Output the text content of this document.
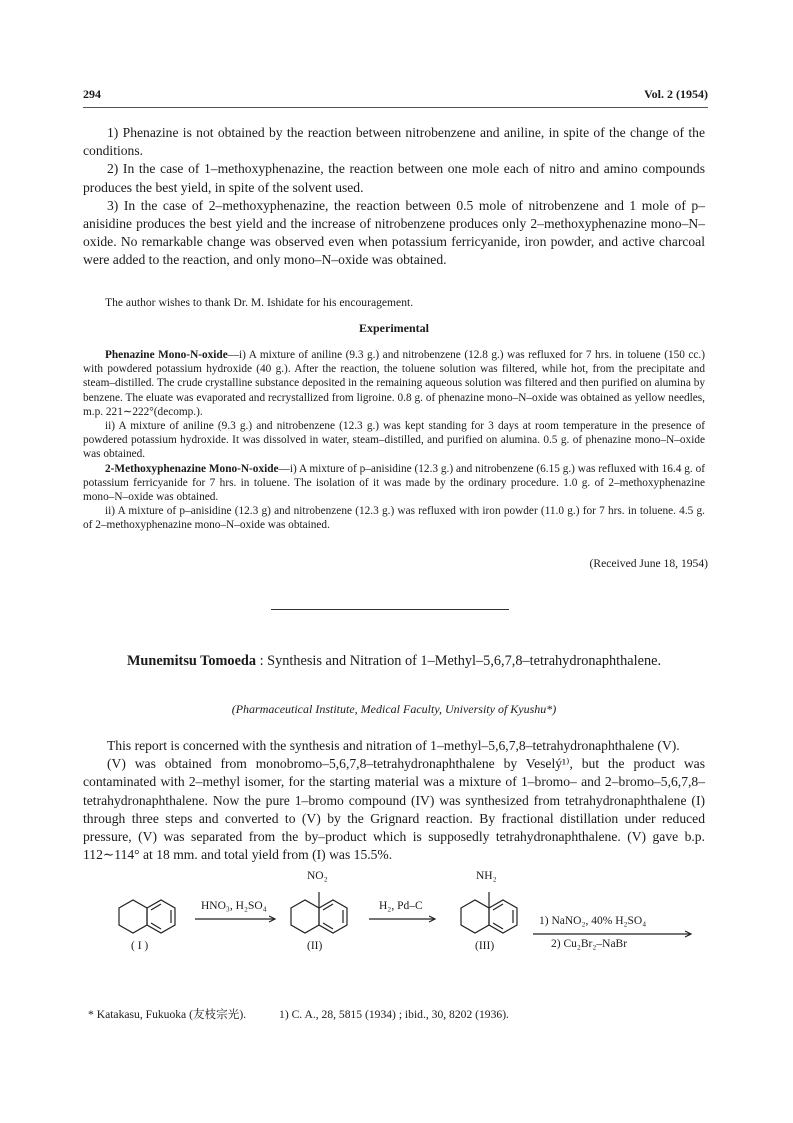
294	Vol. 2 (1954)

1) Phenazine is not obtained by the reaction between nitrobenzene and aniline, in spite of the change of the conditions.

2) In the case of 1–methoxyphenazine, the reaction between one mole each of nitro and amino compounds produces the best yield, in spite of the solvent used.

3) In the case of 2–methoxyphenazine, the reaction between 0.5 mole of nitrobenzene and 1 mole of p–anisidine produces the best yield and the increase of nitrobenzene produces only 2–methoxyphenazine mono–N–oxide. No remarkable change was observed even when potassium ferricyanide, iron powder, and active charcoal were added to the reaction, and only mono–N–oxide was obtained.

The author wishes to thank Dr. M. Ishidate for his encouragement.
Experimental

Phenazine Mono-N-oxide—i) A mixture of aniline (9.3 g.) and nitrobenzene (12.8 g.) was refluxed for 7 hrs. in toluene (150 cc.) with powdered potassium hydroxide (40 g.). After the reaction, the toluene solution was filtered, while hot, from the precipitate and steam–distilled. The crude crystalline substance deposited in the remaining aqueous solution was filtered and then purified on alumina by benzene. The eluate was evaporated and recrystallized from ligroine. 0.8 g. of phenazine mono–N–oxide was obtained as yellow needles, m.p. 221∼222°(decomp.).

ii) A mixture of aniline (9.3 g.) and nitrobenzene (12.3 g.) was kept standing for 3 days at room temperature in the presence of powdered potassium hydroxide. It was dissolved in water, steam–distilled, and purified on alumina. 0.5 g. of phenazine mono–N–oxide was obtained.

2-Methoxyphenazine Mono-N-oxide—i) A mixture of p–anisidine (12.3 g.) and nitrobenzene (6.15 g.) was refluxed with 16.4 g. of potassium ferricyanide for 7 hrs. in toluene. The isolation of it was made by the ordinary procedure. 1.0 g. of 2–methoxyphenazine mono–N–oxide was obtained.

ii) A mixture of p–anisidine (12.3 g) and nitrobenzene (12.3 g.) was refluxed with iron powder (11.0 g.) for 7 hrs. in toluene. 4.5 g. of 2–methoxyphenazine mono–N–oxide was obtained.

(Received June 18, 1954)
Munemitsu Tomoeda : Synthesis and Nitration of 1–Methyl–5,6,7,8–tetrahydronaphthalene.
(Pharmaceutical Institute, Medical Faculty, University of Kyushu*)

This report is concerned with the synthesis and nitration of 1–methyl–5,6,7,8–tetrahydronaphthalene (V).

(V) was obtained from monobromo–5,6,7,8–tetrahydronaphthalene by Veselý¹⁾, but the product was contaminated with 2–methyl isomer, for the starting material was a mixture of 1–bromo– and 2–bromo–5,6,7,8–tetrahydronaphthalene. Now the pure 1–bromo compound (IV) was synthesized from tetrahydronaphthalene (I) through three steps and converted to (V) by the Grignard reaction. By fractional distillation under reduced pressure, (V) was separated from the by–product which is supposedly tetrahydronaphthalene. (V) gave b.p. 112∼114° at 18 mm. and total yield from (I) was 15.5%.

NO₂	NH₂
HNO₃, H₂SO₄	H₂, Pd–C
1) NaNO₂, 40% H₂SO₄
2) Cu₂Br₂–NaBr
( I )	(II)	(III)
* Katakasu, Fukuoka (友枝宗光).	1) C. A., 28, 5815 (1934) ; ibid., 30, 8202 (1936).
